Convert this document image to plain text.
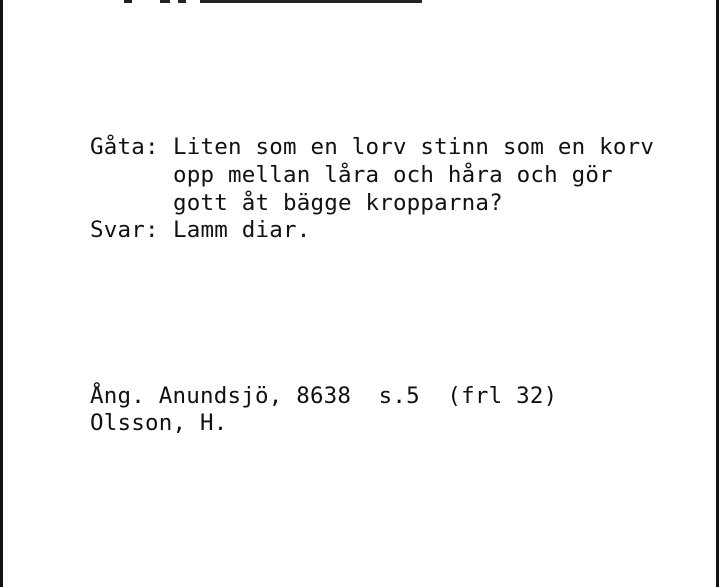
Gåta: Liten som en lorv stinn som en korv
opp mellan låra och håra och gör
gott åt bägge kropparna?
Svar: Lamm diar.
Ång. Anundsjö, 8638  s.5  (frl 32)
Olsson, H.
